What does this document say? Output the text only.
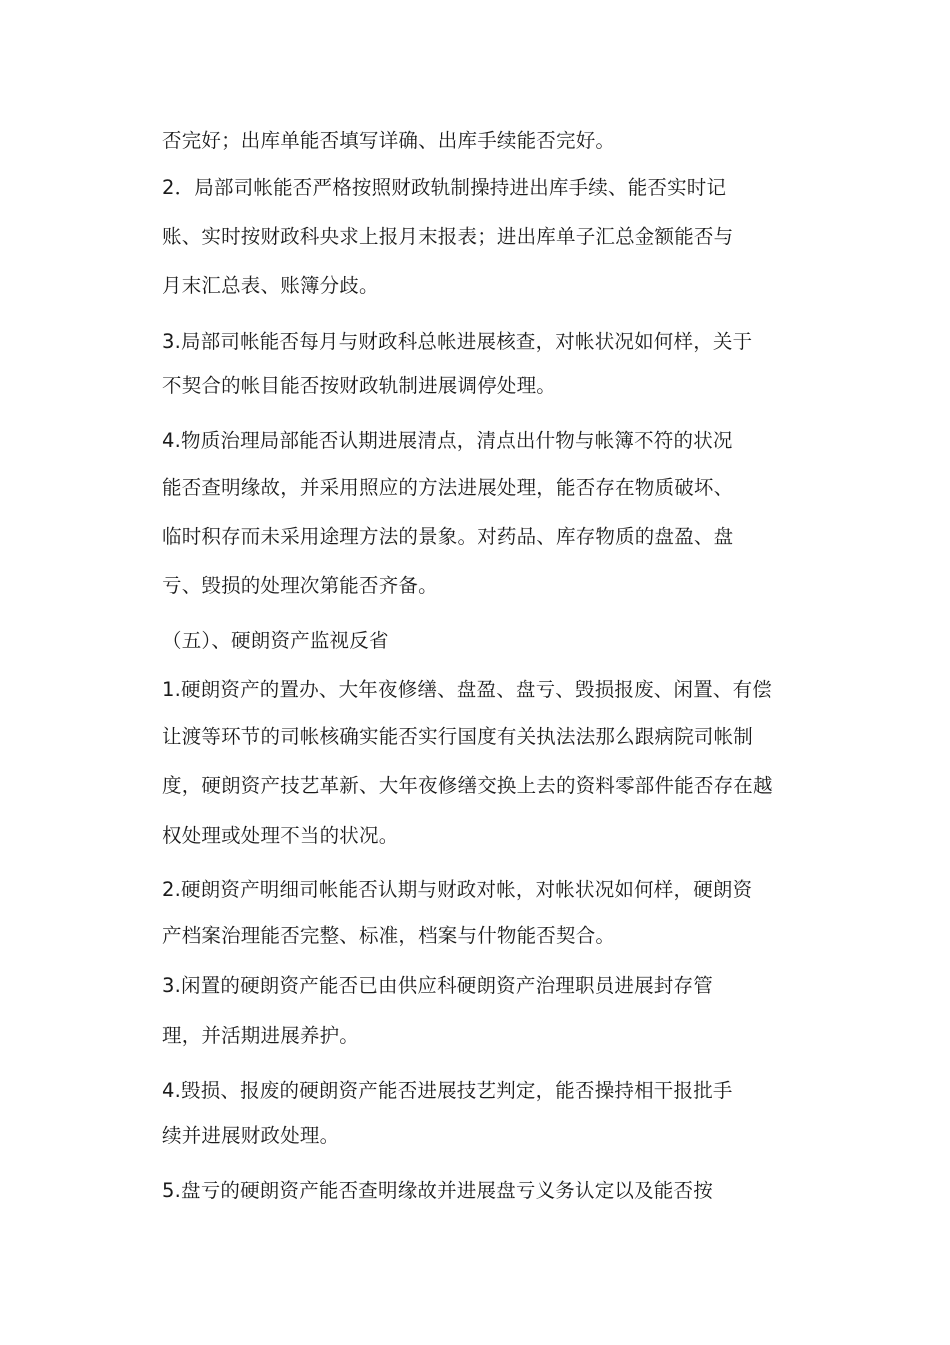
否完好；出库单能否填写详确、出库手续能否完好。
2．局部司帐能否严格按照财政轨制操持进出库手续、能否实时记
账、实时按财政科央求上报月末报表；进出库单子汇总金额能否与
月末汇总表、账簿分歧。
3.局部司帐能否每月与财政科总帐进展核查，对帐状况如何样，关于
不契合的帐目能否按财政轨制进展调停处理。
4.物质治理局部能否认期进展清点，清点出什物与帐簿不符的状况
能否查明缘故，并采用照应的方法进展处理，能否存在物质破坏、
临时积存而未采用途理方法的景象。对药品、库存物质的盘盈、盘
亏、毁损的处理次第能否齐备。
（五）、硬朗资产监视反省
1.硬朗资产的置办、大年夜修缮、盘盈、盘亏、毁损报废、闲置、有偿
让渡等环节的司帐核确实能否实行国度有关执法法那么跟病院司帐制
度，硬朗资产技艺革新、大年夜修缮交换上去的资料零部件能否存在越
权处理或处理不当的状况。
2.硬朗资产明细司帐能否认期与财政对帐，对帐状况如何样，硬朗资
产档案治理能否完整、标准，档案与什物能否契合。
3.闲置的硬朗资产能否已由供应科硬朗资产治理职员进展封存管
理，并活期进展养护。
4.毁损、报废的硬朗资产能否进展技艺判定，能否操持相干报批手
续并进展财政处理。
5.盘亏的硬朗资产能否查明缘故并进展盘亏义务认定以及能否按
